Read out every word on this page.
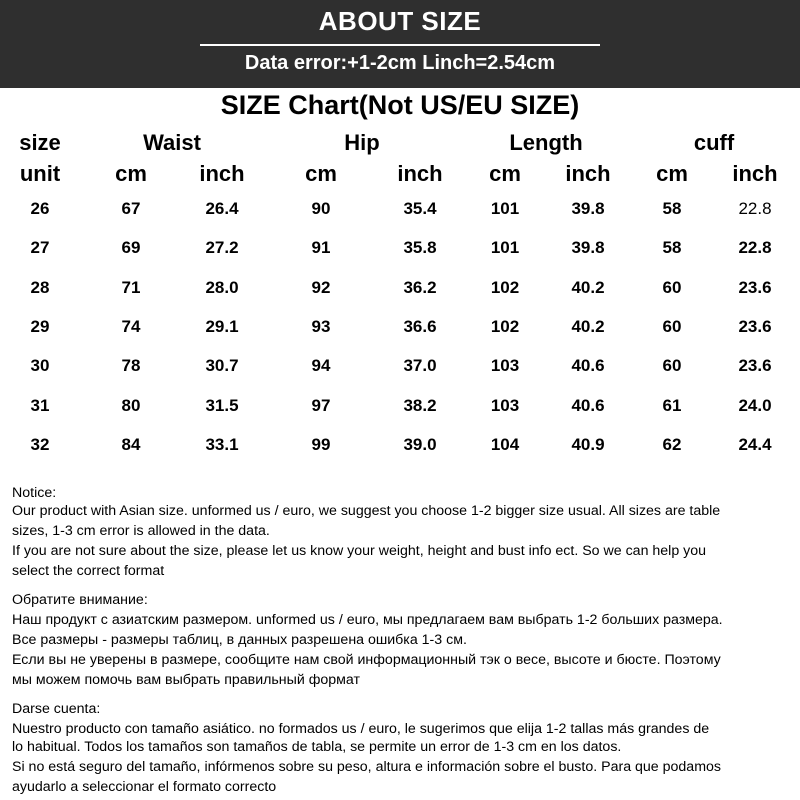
ABOUT SIZE
Data error:+1-2cm Linch=2.54cm
SIZE Chart(Not US/EU SIZE)
size	Waist	Hip	Length	cuff
unit cm inch	cm	inch cm inch cm inch
26	67	26.4	90	35.4	101	39.8	58	22.8
27	69	27.2	91	35.8	101	39.8	58	22.8
28	71	28.0	92	36.2	102	40.2	60	23.6
29	74	29.1	93	36.6	102	40.2	60	23.6
30	78	30.7	94	37.0	103	40.6	60	23.6
31	80	31.5	97	38.2	103	40.6	61	24.0
32	84	33.1	99	39.0	104	40.9	62	24.4
Notice:
Our product with Asian size. unformed us / euro, we suggest you choose 1-2 bigger size usual. All sizes are table
sizes, 1-3 cm error is allowed in the data.
If you are not sure about the size, please let us know your weight, height and bust info ect. So we can help you
select the correct format
Обратите внимание:
Наш продукт с азиатским размером. unformed us / euro, мы предлагаем вам выбрать 1-2 больших размера.
Все размеры - размеры таблиц, в данных разрешена ошибка 1-3 см.
Если вы не уверены в размере, сообщите нам свой информационный тэк о весе, высоте и бюсте. Поэтому
мы можем помочь вам выбрать правильный формат
Darse cuenta:
Nuestro producto con tamaño asiático. no formados us / euro, le sugerimos que elija 1-2 tallas más grandes de
lo habitual. Todos los tamaños son tamaños de tabla, se permite un error de 1-3 cm en los datos.
Si no está seguro del tamaño, infórmenos sobre su peso, altura e información sobre el busto. Para que podamos
ayudarlo a seleccionar el formato correcto
